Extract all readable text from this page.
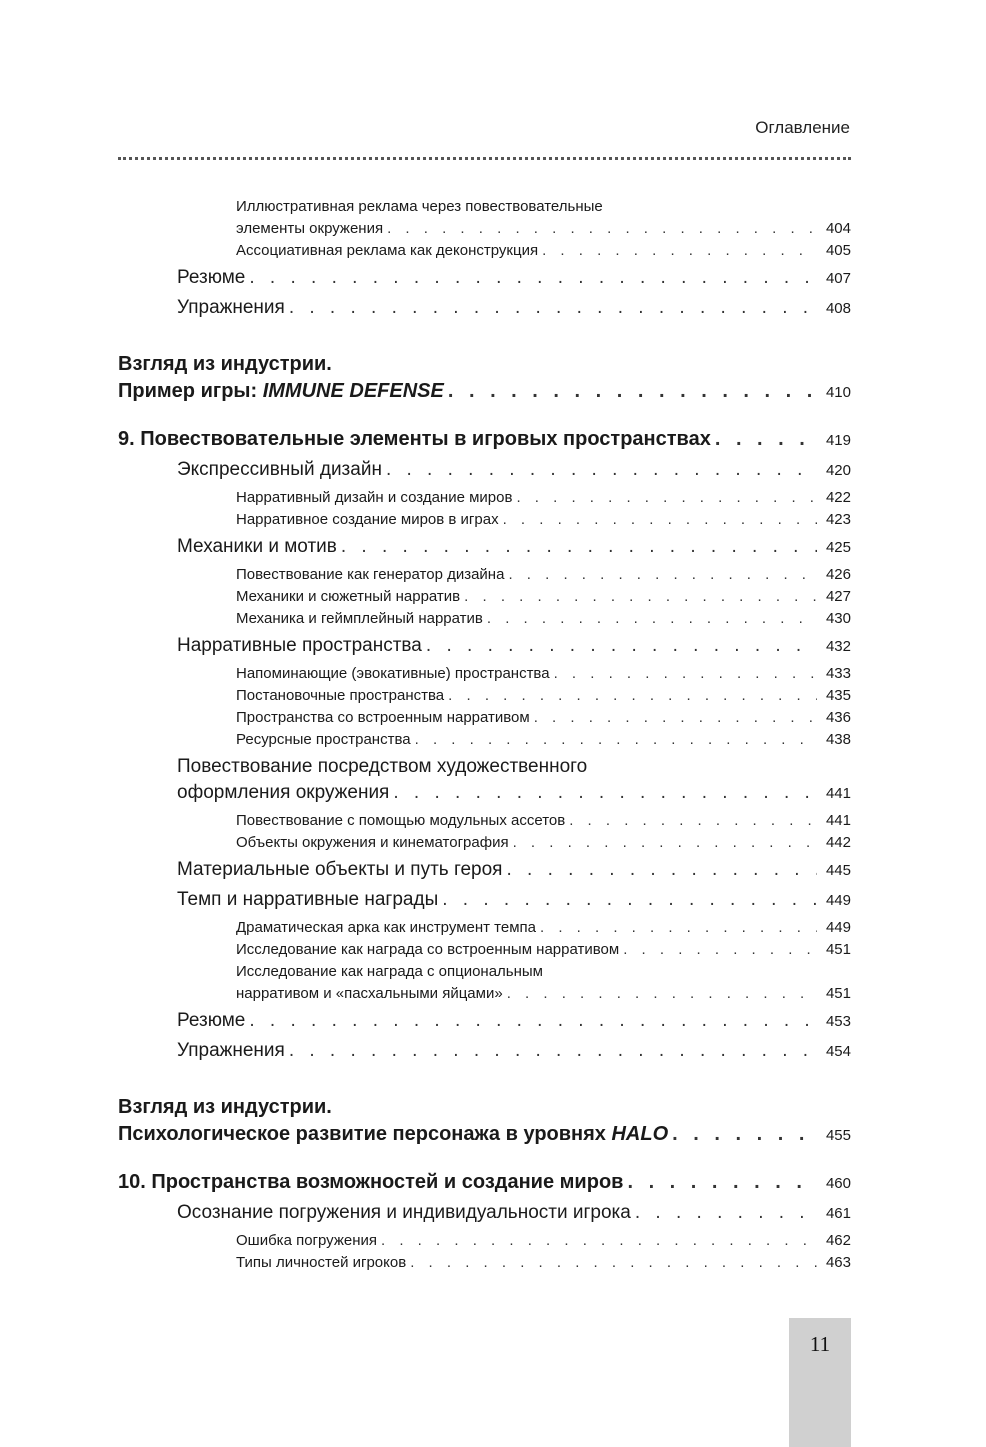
Оглавление
Иллюстративная реклама через повествовательные
элементы окружения . . .	404
Ассоциативная реклама как деконструкция . . .	405
Резюме . . .	407
Упражнения . . .	408
Взгляд из индустрии.
Пример игры: IMMUNE DEFENSE . . .	410
9. Повествовательные элементы в игровых пространствах . . .	419
Экспрессивный дизайн . . .	420
Нарративный дизайн и создание миров . . .	422
Нарративное создание миров в играх . . .	423
Механики и мотив . . .	425
Повествование как генератор дизайна . . .	426
Механики и сюжетный нарратив . . .	427
Механика и геймплейный нарратив . . .	430
Нарративные пространства . . .	432
Напоминающие (эвокативные) пространства . . .	433
Постановочные пространства . . .	435
Пространства со встроенным нарративом . . .	436
Ресурсные пространства . . .	438
Повествование посредством художественного
оформления окружения . . .	441
Повествование с помощью модульных ассетов . . .	441
Объекты окружения и кинематография . . .	442
Материальные объекты и путь героя . . .	445
Темп и нарративные награды . . .	449
Драматическая арка как инструмент темпа . . .	449
Исследование как награда со встроенным нарративом . . .	451
Исследование как награда с опциональным
нарративом и «пасхальными яйцами» . . .	451
Резюме . . .	453
Упражнения . . .	454
Взгляд из индустрии.
Психологическое развитие персонажа в уровнях HALO . . .	455
10. Пространства возможностей и создание миров . . .	460
Осознание погружения и индивидуальности игрока . . .	461
Ошибка погружения . . .	462
Типы личностей игроков . . .	463
11
